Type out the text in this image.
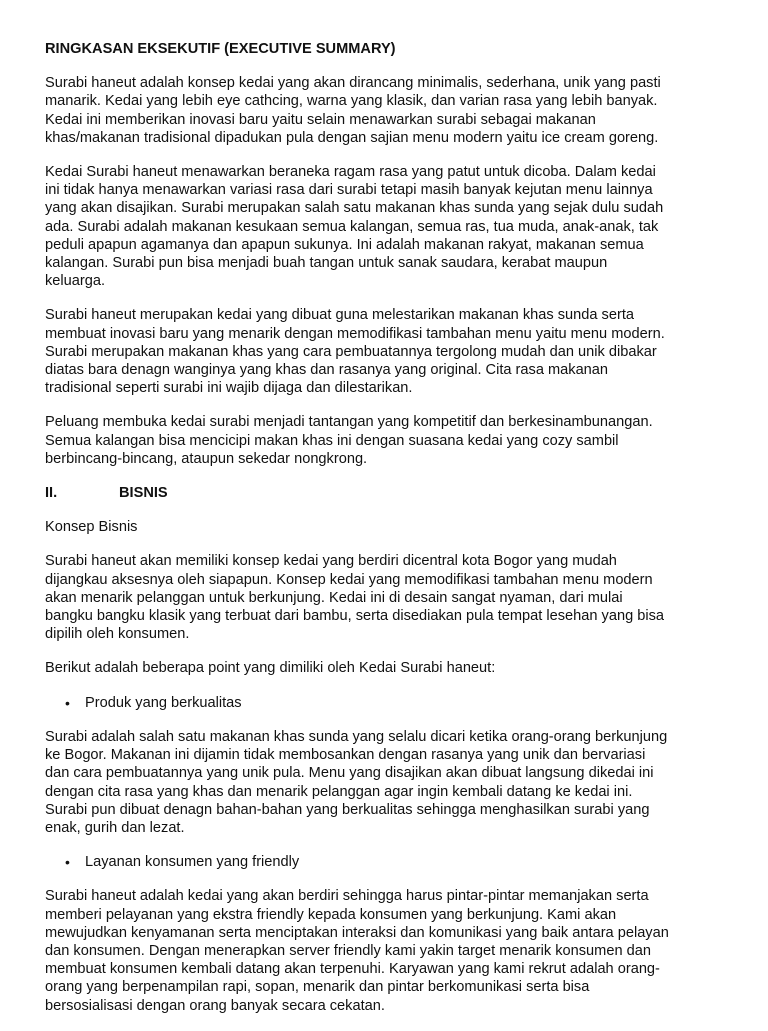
RINGKASAN EKSEKUTIF (EXECUTIVE SUMMARY)

Surabi haneut adalah konsep kedai yang akan dirancang minimalis, sederhana, unik yang pasti
manarik. Kedai yang lebih eye cathcing, warna yang klasik, dan varian rasa yang lebih banyak.
Kedai ini memberikan inovasi baru yaitu selain menawarkan surabi sebagai makanan
khas/makanan tradisional dipadukan pula dengan sajian menu modern yaitu ice cream goreng.

Kedai Surabi haneut menawarkan beraneka ragam rasa yang patut untuk dicoba. Dalam kedai
ini tidak hanya menawarkan variasi rasa dari surabi tetapi masih banyak kejutan menu lainnya
yang akan disajikan. Surabi merupakan salah satu makanan khas sunda yang sejak dulu sudah
ada. Surabi adalah makanan kesukaan semua kalangan, semua ras, tua muda, anak-anak, tak
peduli apapun agamanya dan apapun sukunya. Ini adalah makanan rakyat, makanan semua
kalangan. Surabi pun bisa menjadi buah tangan untuk sanak saudara, kerabat maupun
keluarga.

Surabi haneut merupakan kedai yang dibuat guna melestarikan makanan khas sunda serta
membuat inovasi baru yang menarik dengan memodifikasi tambahan menu yaitu menu modern.
Surabi merupakan makanan khas yang cara pembuatannya tergolong mudah dan unik dibakar
diatas bara denagn wanginya yang khas dan rasanya yang original. Cita rasa makanan
tradisional seperti surabi ini wajib dijaga dan dilestarikan.

Peluang membuka kedai surabi menjadi tantangan yang kompetitif dan berkesinambunangan.
Semua kalangan bisa mencicipi makan khas ini dengan suasana kedai yang cozy sambil
berbincang-bincang, ataupun sekedar nongkrong.

II.	BISNIS
Konsep Bisnis

Surabi haneut akan memiliki konsep kedai yang berdiri dicentral kota Bogor yang mudah
dijangkau aksesnya oleh siapapun. Konsep kedai yang memodifikasi tambahan menu modern
akan menarik pelanggan untuk berkunjung. Kedai ini di desain sangat nyaman, dari mulai
bangku bangku klasik yang terbuat dari bambu, serta disediakan pula tempat lesehan yang bisa
dipilih oleh konsumen.

Berikut adalah beberapa point yang dimiliki oleh Kedai Surabi haneut:

•	Produk yang berkualitas

Surabi adalah salah satu makanan khas sunda yang selalu dicari ketika orang-orang berkunjung
ke Bogor. Makanan ini dijamin tidak membosankan dengan rasanya yang unik dan bervariasi
dan cara pembuatannya yang unik pula. Menu yang disajikan akan dibuat langsung dikedai ini
dengan cita rasa yang khas dan menarik pelanggan agar ingin kembali datang ke kedai ini.
Surabi pun dibuat denagn bahan-bahan yang berkualitas sehingga menghasilkan surabi yang
enak, gurih dan lezat.

•	Layanan konsumen yang friendly

Surabi haneut adalah kedai yang akan berdiri sehingga harus pintar-pintar memanjakan serta
memberi pelayanan yang ekstra friendly kepada konsumen yang berkunjung. Kami akan
mewujudkan kenyamanan serta menciptakan interaksi dan komunikasi yang baik antara pelayan
dan konsumen. Dengan menerapkan server friendly kami yakin target menarik konsumen dan
membuat konsumen kembali datang akan terpenuhi. Karyawan yang kami rekrut adalah orang-
orang yang berpenampilan rapi, sopan, menarik dan pintar berkomunikasi serta bisa
bersosialisasi dengan orang banyak secara cekatan.
